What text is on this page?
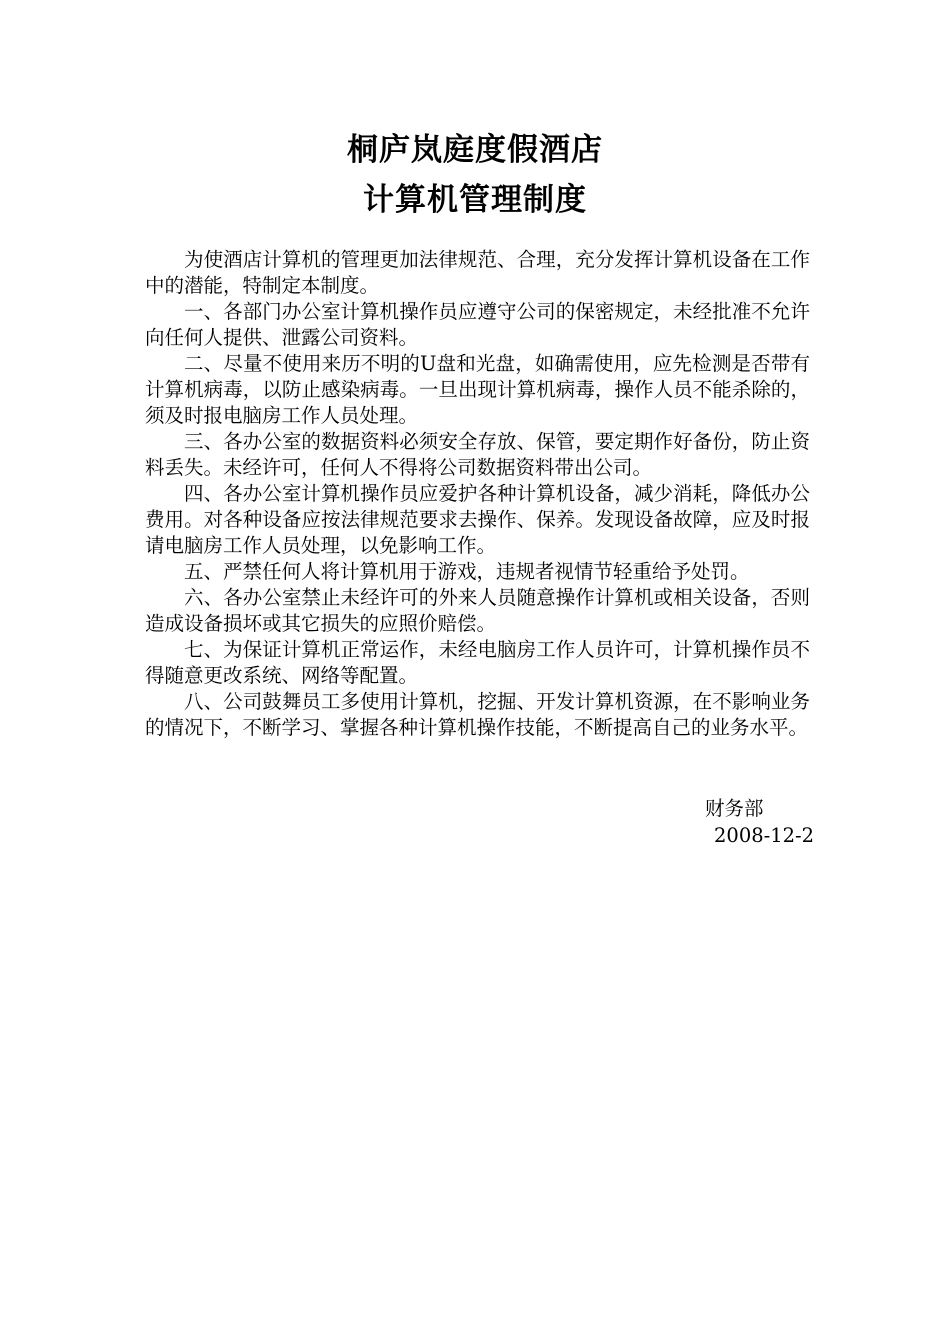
桐庐岚庭度假酒店
计算机管理制度

为使酒店计算机的管理更加法律规范、合理，充分发挥计算机设备在工作中的潜能，特制定本制度。

一、各部门办公室计算机操作员应遵守公司的保密规定，未经批准不允许向任何人提供、泄露公司资料。

二、尽量不使用来历不明的U盘和光盘，如确需使用，应先检测是否带有计算机病毒，以防止感染病毒。一旦出现计算机病毒，操作人员不能杀除的，须及时报电脑房工作人员处理。

三、各办公室的数据资料必须安全存放、保管，要定期作好备份，防止资料丢失。未经许可，任何人不得将公司数据资料带出公司。

四、各办公室计算机操作员应爱护各种计算机设备，减少消耗，降低办公费用。对各种设备应按法律规范要求去操作、保养。发现设备故障，应及时报请电脑房工作人员处理，以免影响工作。

五、严禁任何人将计算机用于游戏，违规者视情节轻重给予处罚。

六、各办公室禁止未经许可的外来人员随意操作计算机或相关设备，否则造成设备损坏或其它损失的应照价赔偿。

七、为保证计算机正常运作，未经电脑房工作人员许可，计算机操作员不得随意更改系统、网络等配置。

八、公司鼓舞员工多使用计算机，挖掘、开发计算机资源，在不影响业务的情况下，不断学习、掌握各种计算机操作技能，不断提高自己的业务水平。

财务部
2008-12-2
